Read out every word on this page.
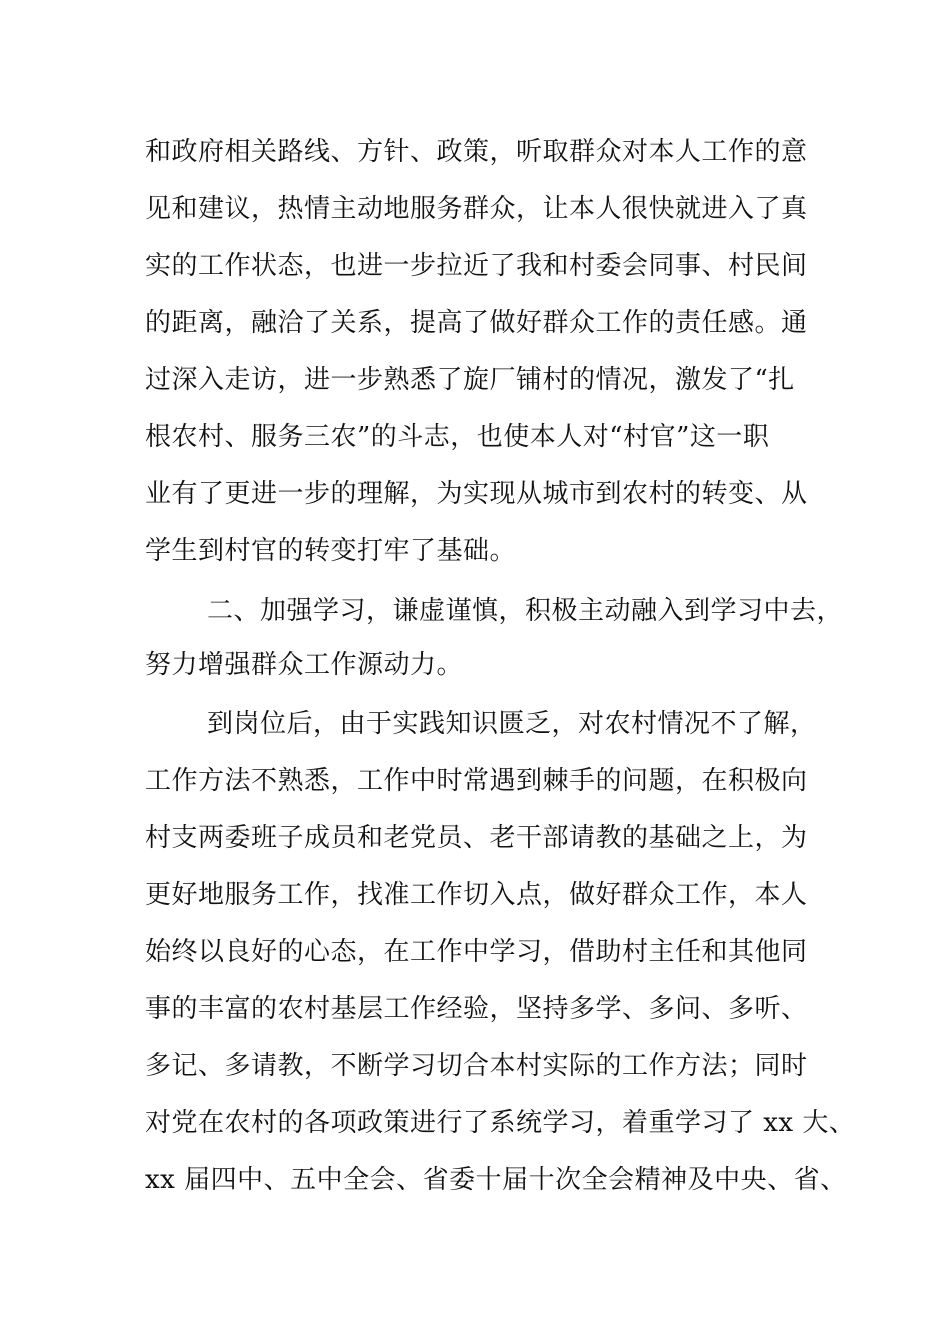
和政府相关路线、方针、政策，听取群众对本人工作的意
见和建议，热情主动地服务群众，让本人很快就进入了真
实的工作状态，也进一步拉近了我和村委会同事、村民间
的距离，融洽了关系，提高了做好群众工作的责任感。通
过深入走访，进一步熟悉了旋厂铺村的情况，激发了“扎
根农村、服务三农”的斗志，也使本人对“村官”这一职
业有了更进一步的理解，为实现从城市到农村的转变、从
学生到村官的转变打牢了基础。
二、加强学习，谦虚谨慎，积极主动融入到学习中去，
努力增强群众工作源动力。
到岗位后，由于实践知识匮乏，对农村情况不了解，
工作方法不熟悉，工作中时常遇到棘手的问题，在积极向
村支两委班子成员和老党员、老干部请教的基础之上，为
更好地服务工作，找准工作切入点，做好群众工作，本人
始终以良好的心态，在工作中学习，借助村主任和其他同
事的丰富的农村基层工作经验，坚持多学、多问、多听、
多记、多请教，不断学习切合本村实际的工作方法；同时
对党在农村的各项政策进行了系统学习，着重学习了 xx 大、
xx 届四中、五中全会、省委十届十次全会精神及中央、省、
